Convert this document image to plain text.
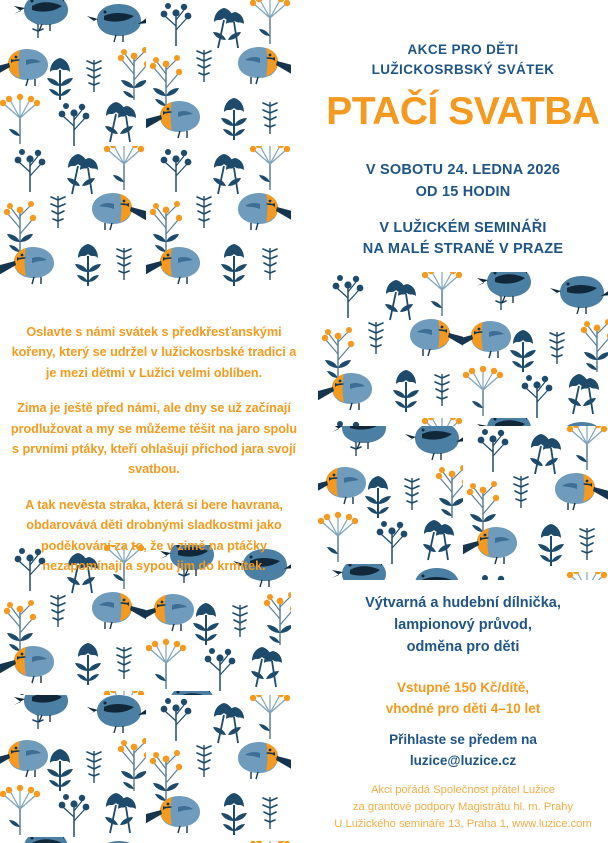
AKCE PRO DĚTI
LUŽICKOSRBSKÝ SVÁTEK
PTAČÍ SVATBA
V SOBOTU 24. LEDNA 2026
OD 15 HODIN
V LUŽICKÉM SEMINÁŘI
NA MALÉ STRANĚ V PRAZE

Oslavte s námi svátek s předkřesťanskými kořeny, který se udržel v lužickosrbské tradici a je mezi dětmi v Lužici velmi oblíben.

Zima je ještě před námi, ale dny se už začínají prodlužovat a my se můžeme těšit na jaro spolu s prvními ptáky, kteří ohlašují příchod jara svojí svatbou.

A tak nevěsta straka, která si bere havrana, obdarovává děti drobnými sladkostmi jako poděkování za to, že v zimě na ptáčky nezapomínají a sypou jim do krmítek.

Výtvarná a hudební dílnička,
lampionový průvod,
odměna pro děti
Vstupné 150 Kč/dítě,
vhodné pro děti 4–10 let
Přihlaste se předem na
luzice@luzice.cz
Akci pořádá Společnost přátel Lužice
za grantové podpory Magistrátu hl. m. Prahy
U Lužického semináře 13, Praha 1, www.luzice.com
